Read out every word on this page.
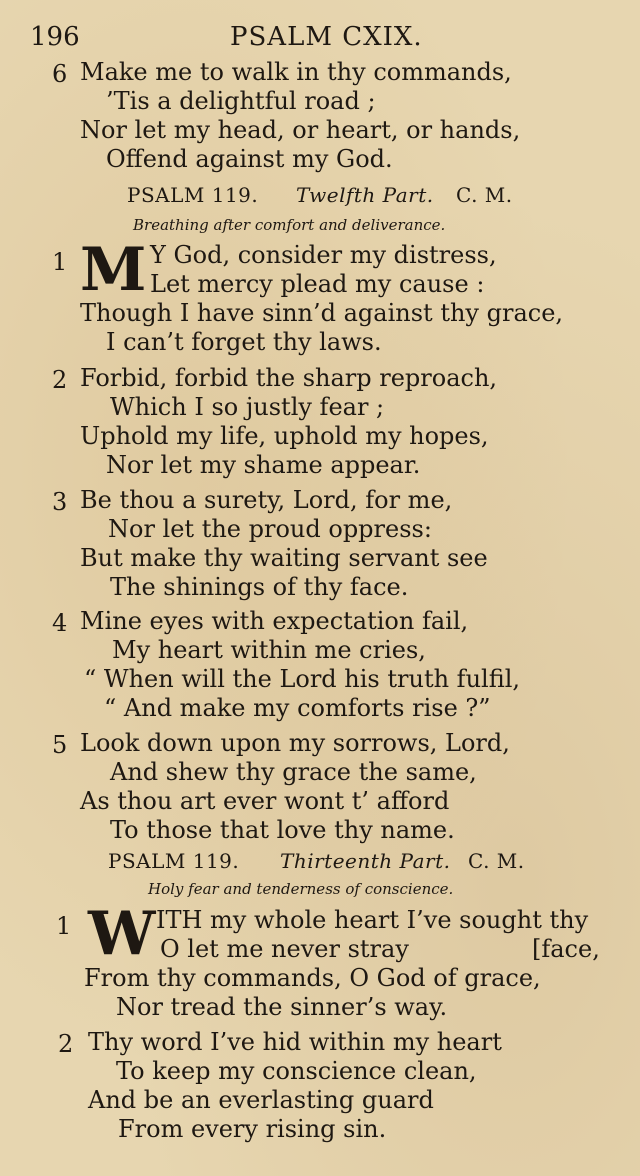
196	PSALM CXIX.
6 Make me to walk in thy commands,
’Tis a delightful road ;
Nor let my head, or heart, or hands,
Offend against my God.
PSALM 119. Twelfth Part. C. M.
Breathing after comfort and deliverance.
1 M Y God, consider my distress,
Let mercy plead my cause :
Though I have sinn’d against thy grace,
I can’t forget thy laws.
2 Forbid, forbid the sharp reproach,
Which I so justly fear ;
Uphold my life, uphold my hopes,
Nor let my shame appear.
3 Be thou a surety, Lord, for me,
Nor let the proud oppress:
But make thy waiting servant see
The shinings of thy face.
4 Mine eyes with expectation fail,
My heart within me cries,
“ When will the Lord his truth fulfil,
“ And make my comforts rise ?”
5 Look down upon my sorrows, Lord,
And shew thy grace the same,
As thou art ever wont t’ afford
To those that love thy name.
PSALM 119. Thirteenth Part. C. M.
Holy fear and tenderness of conscience.
1 W ITH my whole heart I’ve sought thy
O let me never stray	[face,
From thy commands, O God of grace,
Nor tread the sinner’s way.
2 Thy word I’ve hid within my heart
To keep my conscience clean,
And be an everlasting guard
From every rising sin.
